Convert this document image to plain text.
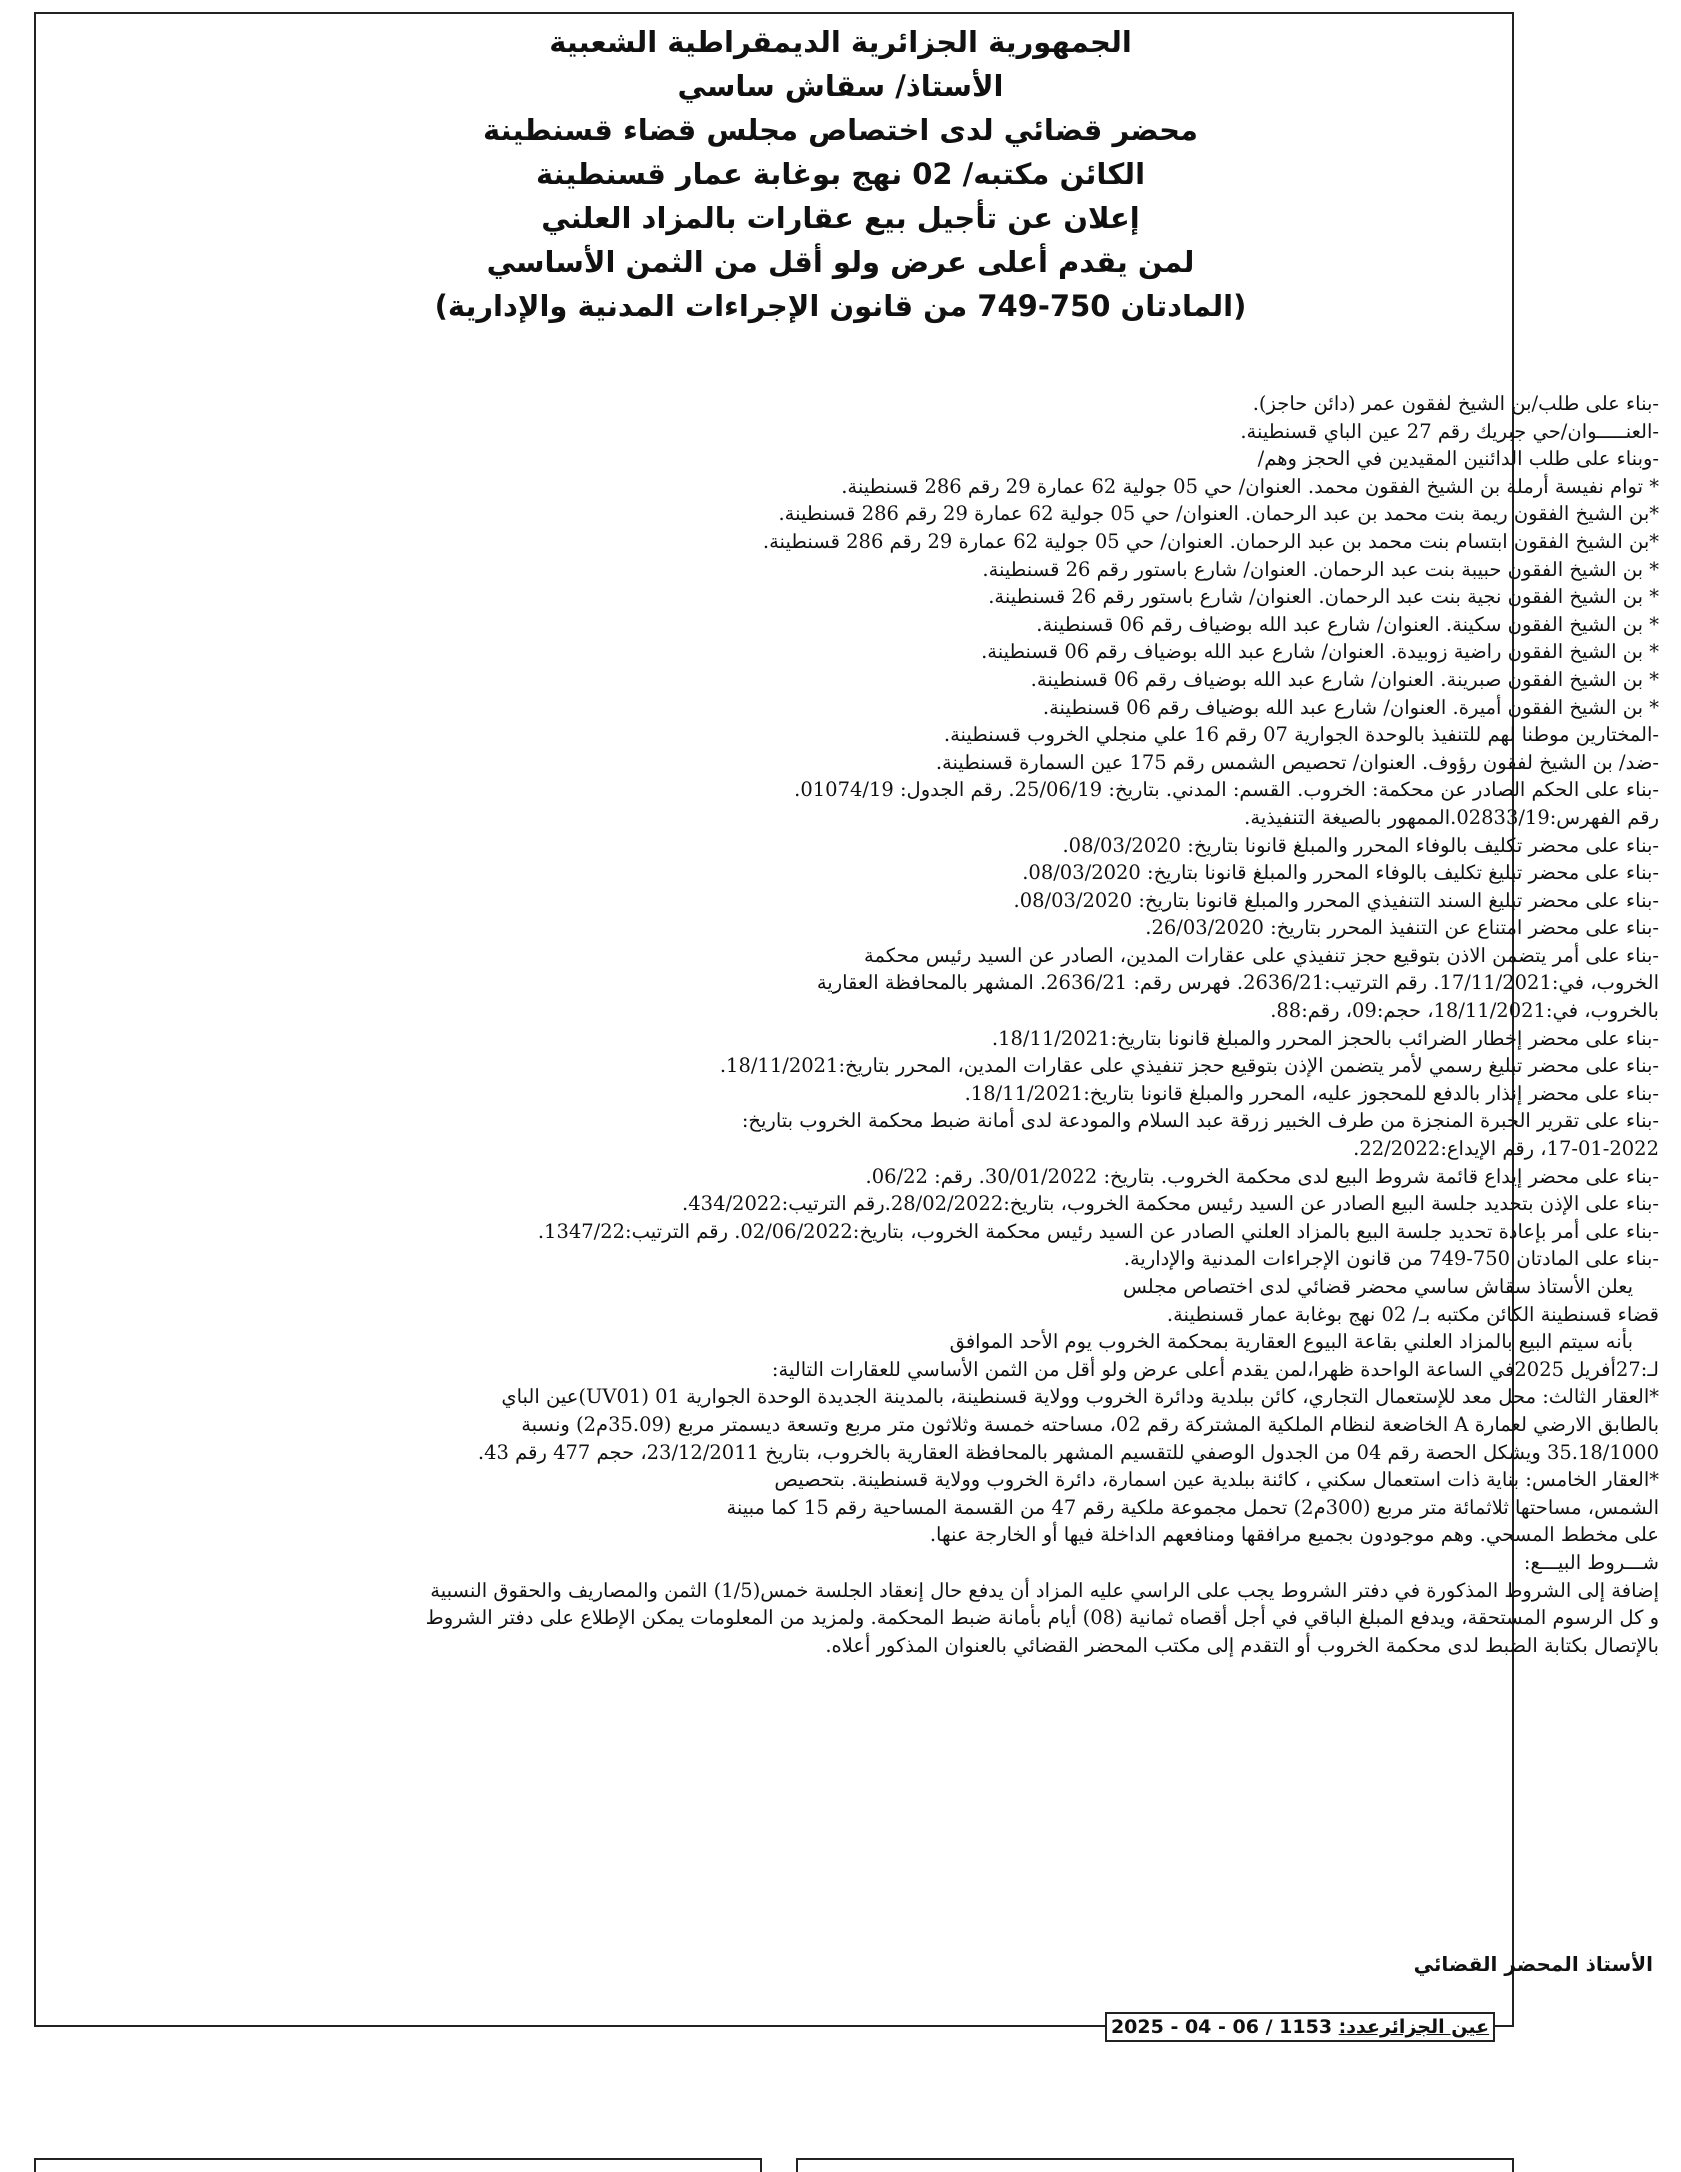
الجمهورية الجزائرية الديمقراطية الشعبية
الأستاذ/ سقاش ساسي
محضر قضائي لدى اختصاص مجلس قضاء قسنطينة
الكائن مكتبه/ 02 نهج بوغابة عمار قسنطينة
إعلان عن تأجيل بيع عقارات بالمزاد العلني
لمن يقدم أعلى عرض ولو أقل من الثمن الأساسي
(المادتان 750-749 من قانون الإجراءات المدنية والإدارية)
-بناء على طلب/بن الشيخ لفقون عمر (دائن حاجز).
-العنـــــوان/حي جبريك رقم 27 عين الباي قسنطينة.
-وبناء على طلب الدائنين المقيدين في الحجز وهم/
* توام نفيسة أرملة بن الشيخ الفقون محمد. العنوان/ حي 05 جولية 62 عمارة 29 رقم 286 قسنطينة.
*بن الشيخ الفقون ريمة بنت محمد بن عبد الرحمان. العنوان/ حي 05 جولية 62 عمارة 29 رقم 286 قسنطينة.
*بن الشيخ الفقون ابتسام بنت محمد بن عبد الرحمان. العنوان/ حي 05 جولية 62 عمارة 29 رقم 286 قسنطينة.
* بن الشيخ الفقون حبيبة بنت عبد الرحمان. العنوان/ شارع باستور رقم 26 قسنطينة.
* بن الشيخ الفقون نجية بنت عبد الرحمان. العنوان/ شارع باستور رقم 26 قسنطينة.
* بن الشيخ الفقون سكينة. العنوان/ شارع عبد الله بوضياف رقم 06 قسنطينة.
* بن الشيخ الفقون راضية زوبيدة. العنوان/ شارع عبد الله بوضياف رقم 06 قسنطينة.
* بن الشيخ الفقون صبرينة. العنوان/ شارع عبد الله بوضياف رقم 06 قسنطينة.
* بن الشيخ الفقون أميرة. العنوان/ شارع عبد الله بوضياف رقم 06 قسنطينة.
-المختارين موطنا لهم للتنفيذ بالوحدة الجوارية 07 رقم 16 علي منجلي الخروب قسنطينة.
-ضد/ بن الشيخ لفقون رؤوف. العنوان/ تحصيص الشمس رقم 175 عين السمارة قسنطينة.
-بناء على الحكم الصادر عن محكمة: الخروب. القسم: المدني. بتاريخ: 25/06/19. رقم الجدول: 01074/19.
رقم الفهرس:02833/19.الممهور بالصيغة التنفيذية.
-بناء على محضر تكليف بالوفاء المحرر والمبلغ قانونا بتاريخ: 08/03/2020.
-بناء على محضر تبليغ تكليف بالوفاء المحرر والمبلغ قانونا بتاريخ: 08/03/2020.
-بناء على محضر تبليغ السند التنفيذي المحرر والمبلغ قانونا بتاريخ: 08/03/2020.
-بناء على محضر امتناع عن التنفيذ المحرر بتاريخ: 26/03/2020.
-بناء على أمر يتضمن الاذن بتوقيع حجز تنفيذي على عقارات المدين، الصادر عن السيد رئيس محكمة
الخروب، في:17/11/2021. رقم الترتيب:2636/21. فهرس رقم: 2636/21. المشهر بالمحافظة العقارية
بالخروب، في:18/11/2021، حجم:09، رقم:88.
-بناء على محضر إخطار الضرائب بالحجز المحرر والمبلغ قانونا بتاريخ:18/11/2021.
-بناء على محضر تبليغ رسمي لأمر يتضمن الإذن بتوقيع حجز تنفيذي على عقارات المدين، المحرر بتاريخ:18/11/2021.
-بناء على محضر إنذار بالدفع للمحجوز عليه، المحرر والمبلغ قانونا بتاريخ:18/11/2021.
-بناء على تقرير الخبرة المنجزة من طرف الخبير زرقة عبد السلام والمودعة لدى أمانة ضبط محكمة الخروب بتاريخ:
17-01-2022، رقم الإيداع:22/2022.
-بناء على محضر إيداع قائمة شروط البيع لدى محكمة الخروب. بتاريخ: 30/01/2022. رقم: 06/22.
-بناء على الإذن بتحديد جلسة البيع الصادر عن السيد رئيس محكمة الخروب، بتاريخ:28/02/2022.رقم الترتيب:434/2022.
-بناء على أمر بإعادة تحديد جلسة البيع بالمزاد العلني الصادر عن السيد رئيس محكمة الخروب، بتاريخ:02/06/2022. رقم الترتيب:1347/22.
-بناء على المادتان 750-749 من قانون الإجراءات المدنية والإدارية.
يعلن الأستاذ سقاش ساسي محضر قضائي لدى اختصاص مجلس
قضاء قسنطينة الكائن مكتبه بـ/ 02 نهج بوغابة عمار قسنطينة.
بأنه سيتم البيع بالمزاد العلني بقاعة البيوع العقارية بمحكمة الخروب يوم الأحد الموافق
لـ:27أفريل 2025في الساعة الواحدة ظهرا،لمن يقدم أعلى عرض ولو أقل من الثمن الأساسي للعقارات التالية:
*العقار الثالث: محل معد للإستعمال التجاري، كائن ببلدية ودائرة الخروب وولاية قسنطينة، بالمدينة الجديدة الوحدة الجوارية 01 (UV01)عين الباي
بالطابق الارضي لعمارة A الخاضعة لنظام الملكية المشتركة رقم 02، مساحته خمسة وثلاثون متر مربع وتسعة ديسمتر مربع (35.09م2) ونسبة
35.18/1000 ويشكل الحصة رقم 04 من الجدول الوصفي للتقسيم المشهر بالمحافظة العقارية بالخروب، بتاريخ 23/12/2011، حجم 477 رقم 43.
*العقار الخامس: بناية ذات استعمال سكني ، كائنة ببلدية عين اسمارة، دائرة الخروب وولاية قسنطينة. بتحصيص
الشمس، مساحتها ثلاثمائة متر مربع (300م2) تحمل مجموعة ملكية رقم 47 من القسمة المساحية رقم 15 كما مبينة
على مخطط المسحي. وهم موجودون بجميع مرافقها ومنافعهم الداخلة فيها أو الخارجة عنها.
شـــروط البيـــع:
إضافة إلى الشروط المذكورة في دفتر الشروط يجب على الراسي عليه المزاد أن يدفع حال إنعقاد الجلسة خمس(1/5) الثمن والمصاريف والحقوق النسبية
و كل الرسوم المستحقة، ويدفع المبلغ الباقي في أجل أقصاه ثمانية (08) أيام بأمانة ضبط المحكمة. ولمزيد من المعلومات يمكن الإطلاع على دفتر الشروط
بالإتصال بكتابة الضبط لدى محكمة الخروب أو التقدم إلى مكتب المحضر القضائي بالعنوان المذكور أعلاه.
الأستاذ المحضر القضائي
عين الجزائرعدد: 1153 / 06 - 04 - 2025
